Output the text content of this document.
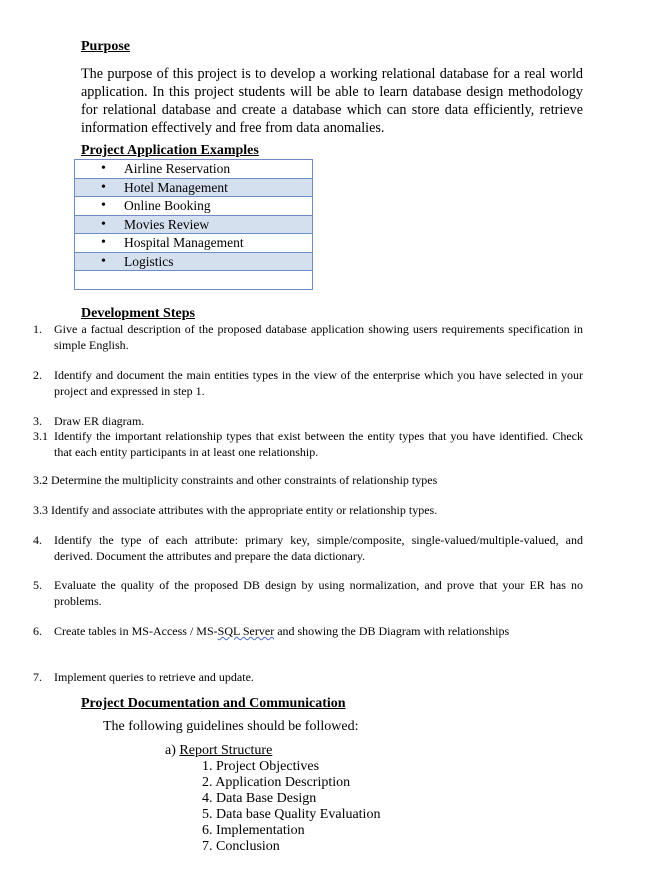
Purpose

The purpose of this project is to develop a working relational database for a real world application. In this project students will be able to learn database design methodology for relational database and create a database which can store data efficiently, retrieve information effectively and free from data anomalies.

Project Application Examples

• Airline Reservation
• Hotel Management
• Online Booking
• Movies Review
• Hospital Management
• Logistics

Development Steps

1. Give a factual description of the proposed database application showing users requirements specification in simple English.
2. Identify and document the main entities types in the view of the enterprise which you have selected in your project and expressed in step 1.
3. Draw ER diagram.
3.1 Identify the important relationship types that exist between the entity types that you have identified. Check that each entity participants in at least one relationship.
3.2 Determine the multiplicity constraints and other constraints of relationship types
3.3 Identify and associate attributes with the appropriate entity or relationship types.
4. Identify the type of each attribute: primary key, simple/composite, single-valued/multiple-valued, and derived. Document the attributes and prepare the data dictionary.
5. Evaluate the quality of the proposed DB design by using normalization, and prove that your ER has no problems.
6. Create tables in MS-Access / MS-SQL Server and showing the DB Diagram with relationships
7. Implement queries to retrieve and update.

Project Documentation and Communication

The following guidelines should be followed:

a) Report Structure

1. Project Objectives
2. Application Description
4. Data Base Design
5. Data base Quality Evaluation
6. Implementation
7. Conclusion
